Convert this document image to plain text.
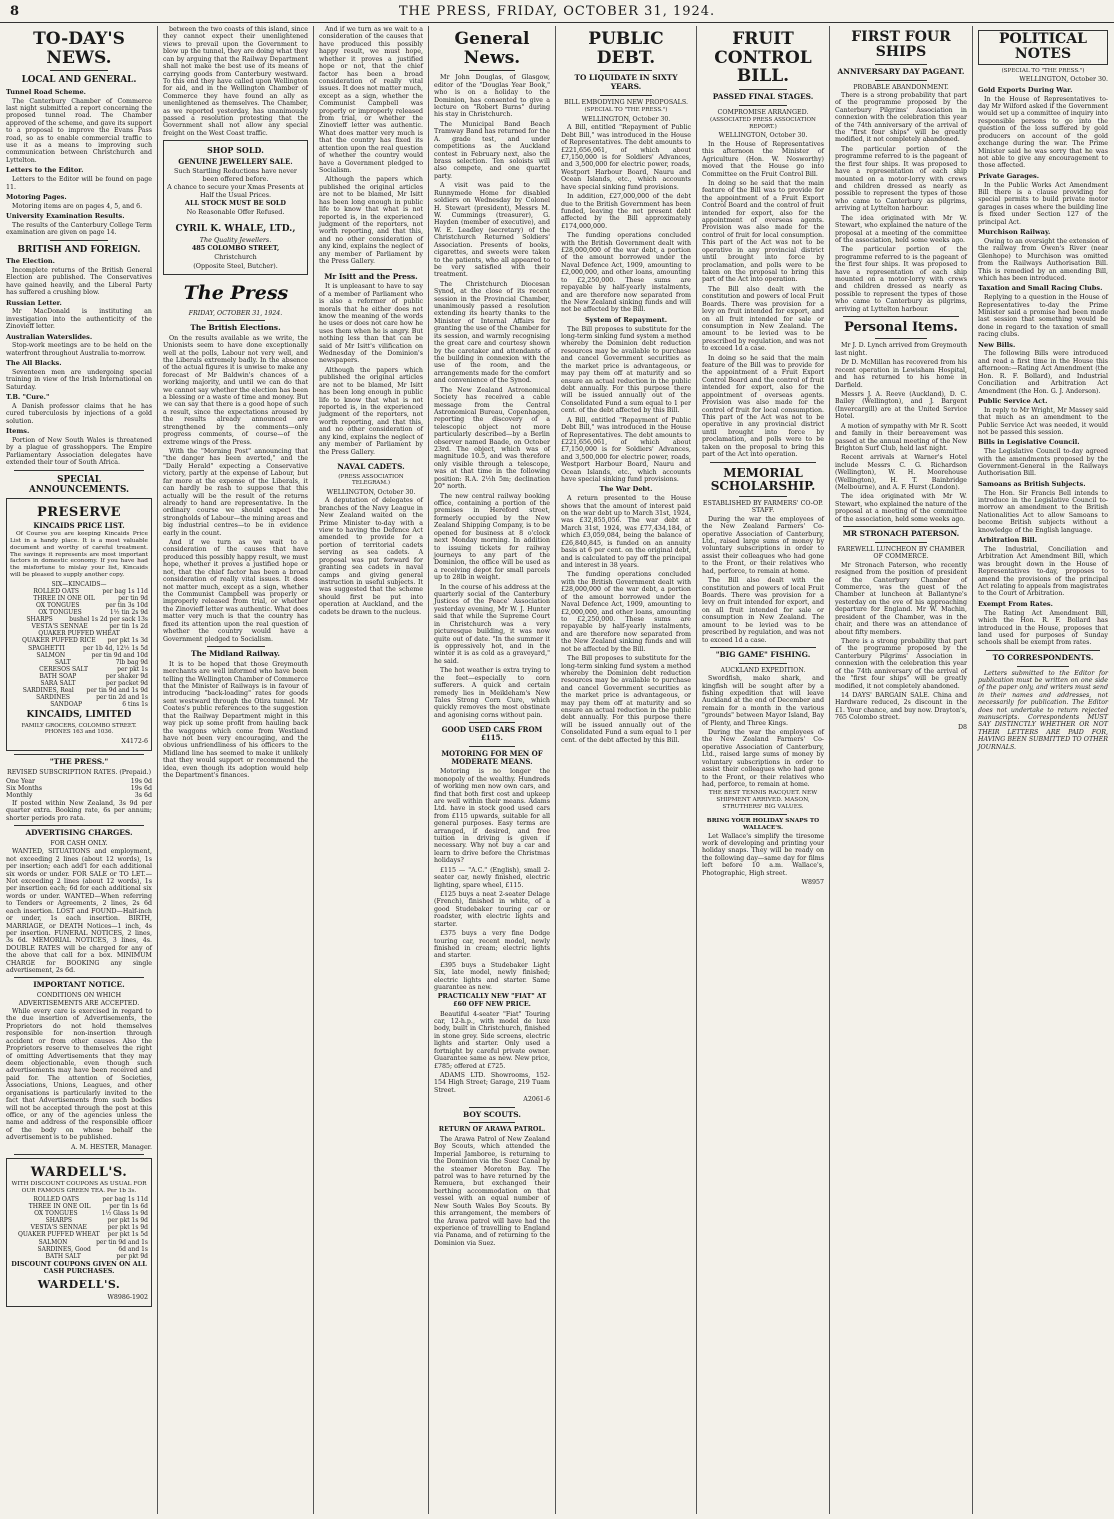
8	THE PRESS, FRIDAY, OCTOBER 31, 1924.
TO-DAY'S NEWS.
LOCAL AND GENERAL.
Tunnel Road Scheme.

The Canterbury Chamber of Commerce last night submitted a report concerning the proposed tunnel road. The Chamber approved of the scheme, and gave its support to a proposal to improve the Evans Pass road, so as to enable commercial traffic to use it as a means to improving such communication between Christchurch and Lyttelton.

Letters to the Editor.

Letters to the Editor will be found on page 11.

Motoring Pages.

Motoring items are on pages 4, 5, and 6.

University Examination Results.

The results of the Canterbury College Term examination are given on page 14.

BRITISH AND FOREIGN.
The Election.

Incomplete returns of the British General Election are published. The Conservatives have gained heavily, and the Liberal Party has suffered a crushing blow.

Russian Letter.

Mr MacDonald is instituting an investigation into the authenticity of the Zinovieff letter.

Australian Waterslides.

Stop-work meetings are to be held on the waterfront throughout Australia to-morrow.

The All Blacks.

Seventeen men are undergoing special training in view of the Irish International on Saturday.

T.B. "Cure."

A Danish professor claims that he has cured tuberculosis by injections of a gold solution.

Items.

Portion of New South Wales is threatened by a plague of grasshoppers. The Empire Parliamentary Association delegates have extended their tour of South Africa.

SPECIAL ANNOUNCEMENTS.
PRESERVE
KINCAIDS PRICE LIST.

Of Course you are keeping Kincaids Price List in a handy place. It is a most valuable document and worthy of careful treatment. The savings it represents are most important factors in domestic economy. If you have had the misfortune to mislay your list, Kincaids will be pleased to supply another copy.

SIX—KINCAIDS—
ROLLED OATS	per bag 1s 11d
THREE IN ONE OIL	per tin 9d
OX TONGUES	per tin 3s 10d
OX TONGUES	1½ tin 2s 9d
SHARPS	bushel 1s 2d per sack 13s
VESTA'S SENNAE	per tin 1s 2d
QUAKER PUFFED WHEAT
QUAKER PUFFED RICE	per pkt 1s 3d
SPAGHETTI	per 1b 4d, 12½ 1s 5d
SALMON	per tin 9d and 10d
SALT	7lb bag 9d
CERESOS SALT	per pkt 1s
BATH SOAP	per shaker 9d
SARA SALT	per packet 9d
SARDINES, Real	per tin 9d and 1s 9d
SARDINES	per tin 2d and 1s
SANDOAP	6 tins 1s
KINCAIDS, LIMITED
FAMILY GROCERS, COLOMBO STREET. PHONES 163 and 1036.
X4172-6
"THE PRESS."
REVISED SUBSCRIPTION RATES. (Prepaid.)
One Year	19s 0d
Six Months	19s 6d
Monthly	3s 6d

If posted within New Zealand, 3s 9d per quarter extra. Booking rate, 6s per annum; shorter periods pro rata.

ADVERTISING CHARGES.
FOR CASH ONLY.

WANTED, SITUATIONS and employment, not exceeding 2 lines (about 12 words), 1s per insertion; each add'l for each additional six words or under. FOR SALE or TO LET.—Not exceeding 2 lines (about 12 words), 1s per insertion each; 6d for each additional six words or under. WANTED—When referring to Tenders or Agreements, 2 lines, 2s 6d each insertion. LOST and FOUND—Half-inch or under, 1s each insertion. BIRTH, MARRIAGE, or DEATH Notices—1 inch, 4s per insertion. FUNERAL NOTICES, 2 lines, 3s 6d. MEMORIAL NOTICES, 3 lines, 4s. DOUBLE RATES will be charged for any of the above that call for a box. MINIMUM CHARGE for BOOKING any single advertisement, 2s 6d.

IMPORTANT NOTICE.
CONDITIONS ON WHICH ADVERTISEMENTS ARE ACCEPTED.

While every care is exercised in regard to the due insertion of Advertisements, the Proprietors do not hold themselves responsible for non-insertion through accident or from other causes. Also the Proprietors reserve to themselves the right of omitting Advertisements that they may deem objectionable, even though such advertisements may have been received and paid for. The attention of Societies, Associations, Unions, Leagues, and other organisations is particularly invited to the fact that Advertisements from such bodies will not be accepted through the post at this office, or any of the agencies unless the name and address of the responsible officer of the body on whose behalf the advertisement is to be published.

A. M. HESTER, Manager.
WARDELL'S.
WITH DISCOUNT COUPONS AS USUAL FOR OUR FAMOUS GREEN TEA. Per 1b 3s.
ROLLED OATS	per bag 1s 11d
THREE IN ONE OIL	per tin 1s 6d
OX TONGUES	1½ Glass 1s 9d
SHARPS	per pkt 1s 9d
VESTA'S SENNAE	per pkt 1s 9d
QUAKER PUFFED WHEAT	per pkt 1s 5d
SALMON	per tin 9d and 1s
SARDINES, Good	6d and 1s
BATH SALT	per pkt 9d
DISCOUNT COUPONS GIVEN ON ALL CASH PURCHASES.
WARDELL'S.
W8986-1902

between the two coasts of this island, since they cannot expect their unenlightened views to prevail upon the Government to blow up the tunnel, they are doing what they can by arguing that the Railway Department shall not make the best use of its means of carrying goods from Canterbury westward. To this end they have called upon Wellington for aid, and in the Wellington Chamber of Commerce they have found an ally as unenlightened as themselves. The Chamber, as we reported yesterday, has unanimously passed a resolution protesting that the Government shall not allow any special freight on the West Coast traffic.

SHOP SOLD.
GENUINE JEWELLERY SALE.
Such Startling Reductions have never been offered before.
A chance to secure your Xmas Presents at Half the Usual Prices.
ALL STOCK MUST BE SOLD
No Reasonable Offer Refused.
CYRIL K. WHALE, LTD.,
The Quality Jewellers.
485 COLOMBO STREET,
Christchurch
(Opposite Steel, Butcher).
The Press
FRIDAY, OCTOBER 31, 1924.
The British Elections.

On the results available as we write, the Unionists seem to have done exceptionally well at the polls, Labour not very well, and the Liberals extremely badly. In the absence of the actual figures it is unwise to make any forecast of Mr Baldwin's chances of a working majority, and until we can do that we cannot say whether the election has been a blessing or a waste of time and money. But we can say that there is a good hope of such a result, since the expectations aroused by the results already announced are strengthened by the comments—only progress comments, of course—of the extreme wings of the Press.

With the "Morning Post" announcing that "the danger has been averted," and the "Daily Herald" expecting a Conservative victory, partly at the expense of Labour, but far more at the expense of the Liberals, it can hardly be rash to suppose that this actually will be the result of the returns already to hand are representative. In the ordinary course we should expect the strongholds of Labour—the mining areas and big industrial centres—to be in evidence early in the count.

And if we turn as we wait to a consideration of the causes that have produced this possibly happy result, we must hope, whether it proves a justified hope or not, that the chief factor has been a broad consideration of really vital issues. It does not matter much, except as a sign, whether the Communist Campbell was properly or improperly released from trial, or whether the Zinovieff letter was authentic. What does matter very much is that the country has fixed its attention upon the real question of whether the country would have a Government pledged to Socialism.

The Midland Railway.

It is to be hoped that those Greymouth merchants are well informed who have been telling the Wellington Chamber of Commerce that the Minister of Railways is in favour of introducing "back-loading" rates for goods sent westward through the Otira tunnel. Mr Coates's public references to the suggestion that the Railway Department might in this way pick up some profit from hauling back the waggons which come from Westland have not been very encouraging, and the obvious unfriendliness of his officers to the Midland line has seemed to make it unlikely that they would support or recommend the idea, even though its adoption would help the Department's finances.

And if we turn as we wait to a consideration of the causes that have produced this possibly happy result, we must hope, whether it proves a justified hope or not, that the chief factor has been a broad consideration of really vital issues. It does not matter much, except as a sign, whether the Communist Campbell was properly or improperly released from trial, or whether the Zinovieff letter was authentic. What does matter very much is that the country has fixed its attention upon the real question of whether the country would have a Government pledged to Socialism.

Although the papers which published the original articles are not to be blamed, Mr Isitt has been long enough in public life to know that what is not reported is, in the experienced judgment of the reporters, not worth reporting, and that this, and no other consideration of any kind, explains the neglect of any member of Parliament by the Press Gallery.

Mr Isitt and the Press.

It is unpleasant to have to say of a member of Parliament who is also a reformer of public morals that he either does not know the meaning of the words he uses or does not care how he uses them when he is angry. But nothing less than that can be said of Mr Isitt's vilification on Wednesday of the Dominion's newspapers.

Although the papers which published the original articles are not to be blamed, Mr Isitt has been long enough in public life to know that what is not reported is, in the experienced judgment of the reporters, not worth reporting, and that this, and no other consideration of any kind, explains the neglect of any member of Parliament by the Press Gallery.

NAVAL CADETS.
(PRESS ASSOCIATION TELEGRAM.)
WELLINGTON, October 30.

A deputation of delegates of branches of the Navy League in New Zealand waited on the Prime Minister to-day with a view to having the Defence Act amended to provide for a portion of territorial cadets serving as sea cadets. A proposal was put forward for granting sea cadets in naval camps and giving general instruction in useful subjects. It was suggested that the scheme should first be put into operation at Auckland, and the cadets be drawn to the nucleus.

General News.

Mr John Douglas, of Glasgow, editor of the "Douglas Year Book," who is on a holiday to the Dominion, has consented to give a lecture on "Robert Burns" during his stay in Christchurch.

The Municipal Band Beach Tramway Band has returned for the A. grade test, and under competitions as the Auckland contest in February next, also the brass selection. Ten soloists will also compete, and one quartet party.

A visit was paid to the Runnymede Home for disabled soldiers on Wednesday by Colonel H. Stewart (president), Messrs M. W. Cummings (treasurer), G. Hayden (member of executive), and W. E. Leadley (secretary) of the Christchurch Returned Soldiers' Association. Presents of books, cigarettes, and sweets were taken to the patients, who all appeared to be very satisfied with their treatment.

The Christchurch Diocesan Synod, at the close of its recent session in the Provincial Chamber, unanimously passed a resolution extending its hearty thanks to the Minister of Internal Affairs for granting the use of the Chamber for its session, and warmly recognising the great care and courtesy shown by the caretaker and attendants of the building in connexion with the use of the room, and the arrangements made for the comfort and convenience of the Synod.

The New Zealand Astronomical Society has received a cable message from the Central Astronomical Bureau, Copenhagen, reporting the discovery of a telescopic object not more particularly described—by a Berlin observer named Baade, on October 23rd. The object, which was of magnitude 10.5, and was therefore only visible through a telescope, was at that time in the following position: R.A. 2½h 5m; declination 20° north.

The new central railway booking office, containing a portion of the premises in Hereford street, formerly occupied by the New Zealand Shipping Company, is to be opened for business at 8 o'clock next Monday morning. In addition to issuing tickets for railway journeys to any part of the Dominion, the office will be used as a receiving depot for small parcels up to 28lb in weight.

In the course of his address at the quarterly social of the Canterbury Justices of the Peace' Association yesterday evening, Mr W. J. Hunter said that while the Supreme Court in Christchurch was a very picturesque building, it was now quite out of date. "In the summer it is oppressively hot, and in the winter it is as cold as a graveyard," he said.

The hot weather is extra trying to the feet—especially to corn sufferers. A quick and certain remedy lies in Meikleham's New Tales Strong Corn Cure, which quickly removes the most obstinate and agonising corns without pain.

GOOD USED CARS FROM £115.
MOTORING FOR MEN OF MODERATE MEANS.

Motoring is no longer the monopoly of the wealthy. Hundreds of working men now own cars, and find that both first cost and upkeep are well within their means. Adams Ltd. have in stock good used cars from £115 upwards, suitable for all general purposes. Easy terms are arranged, if desired, and free tuition in driving is given if necessary. Why not buy a car and learn to drive before the Christmas holidays?

£115 — "A.C." (English), small 2-seater car, newly finished, electric lighting, spare wheel, £115.

£125 buys a neat 2-seater Delage (French), finished in white, of a good Studebaker touring car or roadster, with electric lights and starter.

£375 buys a very fine Dodge touring car, recent model, newly finished in cream; electric lights and starter.

£395 buys a Studebaker Light Six, late model, newly finished; electric lights and starter. Same guarantee as new.

PRACTICALLY NEW "FIAT" AT £60 OFF NEW PRICE.

Beautiful 4-seater "Fiat" Touring car, 12-h.p., with model de luxe body, built in Christchurch, finished in stone grey. Side screens, electric lights and starter. Only used a fortnight by careful private owner. Guarantee same as new. New price, £785; offered at £725.

ADAMS LTD. Showrooms, 152-154 High Street; Garage, 219 Tuam Street.

A2061-6
BOY SCOUTS.
RETURN OF ARAWA PATROL.

The Arawa Patrol of New Zealand Boy Scouts, which attended the Imperial Jamboree, is returning to the Dominion via the Suez Canal by the steamer Moreton Bay. The patrol was to have returned by the Remuera, but exchanged their berthing accommodation on that vessel with an equal number of New South Wales Boy Scouts. By this arrangement, the members of the Arawa patrol will have had the experience of travelling to England via Panama, and of returning to the Dominion via Suez.

PUBLIC DEBT.
TO LIQUIDATE IN SIXTY YEARS.
BILL EMBODYING NEW PROPOSALS.
(SPECIAL TO "THE PRESS.")
WELLINGTON, October 30.

A Bill, entitled "Repayment of Public Debt Bill," was introduced in the House of Representatives. The debt amounts to £221,656,061, of which about £7,150,000 is for Soldiers' Advances, and 3,500,000 for electric power, roads, Westport Harbour Board, Nauru and Ocean Islands, etc., which accounts have special sinking fund provisions.

In addition, £27,000,000 of the debt due to the British Government has been funded, leaving the net present debt affected by the Bill approximately £174,000,000.

The funding operations concluded with the British Government dealt with £28,000,000 of the war debt, a portion of the amount borrowed under the Naval Defence Act, 1909, amounting to £2,000,000, and other loans, amounting to £2,250,000. These sums are repayable by half-yearly instalments, and are therefore now separated from the New Zealand sinking funds and will not be affected by the Bill.

System of Repayment.

The Bill proposes to substitute for the long-term sinking fund system a method whereby the Dominion debt reduction resources may be available to purchase and cancel Government securities as the market price is advantageous, or may pay them off at maturity and so ensure an actual reduction in the public debt annually. For this purpose there will be issued annually out of the Consolidated Fund a sum equal to 1 per cent. of the debt affected by this Bill.

A Bill, entitled "Repayment of Public Debt Bill," was introduced in the House of Representatives. The debt amounts to £221,656,061, of which about £7,150,000 is for Soldiers' Advances, and 3,500,000 for electric power, roads, Westport Harbour Board, Nauru and Ocean Islands, etc., which accounts have special sinking fund provisions.

The War Debt.

A return presented to the House shows that the amount of interest paid on the war debt up to March 31st, 1924, was £32,855,056. The war debt at March 31st, 1924, was £77,434,184, of which £3,059,084, being the balance of £26,840,845, is funded on an annuity basis at 6 per cent. on the original debt, and is calculated to pay off the principal and interest in 38 years.

The funding operations concluded with the British Government dealt with £28,000,000 of the war debt, a portion of the amount borrowed under the Naval Defence Act, 1909, amounting to £2,000,000, and other loans, amounting to £2,250,000. These sums are repayable by half-yearly instalments, and are therefore now separated from the New Zealand sinking funds and will not be affected by the Bill.

The Bill proposes to substitute for the long-term sinking fund system a method whereby the Dominion debt reduction resources may be available to purchase and cancel Government securities as the market price is advantageous, or may pay them off at maturity and so ensure an actual reduction in the public debt annually. For this purpose there will be issued annually out of the Consolidated Fund a sum equal to 1 per cent. of the debt affected by this Bill.

FRUIT CONTROL BILL.
PASSED FINAL STAGES.
COMPROMISE ARRANGED.
(ASSOCIATED PRESS ASSOCIATION REPORT.)
WELLINGTON, October 30.

In the House of Representatives this afternoon the Minister of Agriculture (Hon. W. Nosworthy) moved that the House go into Committee on the Fruit Control Bill.

In doing so he said that the main feature of the Bill was to provide for the appointment of a Fruit Export Control Board and the control of fruit intended for export, also for the appointment of overseas agents. Provision was also made for the control of fruit for local consumption. This part of the Act was not to be operative in any provincial district until brought into force by proclamation, and polls were to be taken on the proposal to bring this part of the Act into operation.

The Bill also dealt with the constitution and powers of local Fruit Boards. There was provision for a levy on fruit intended for export, and on all fruit intended for sale or consumption in New Zealand. The amount to be levied was to be prescribed by regulation, and was not to exceed 1d a case.

In doing so he said that the main feature of the Bill was to provide for the appointment of a Fruit Export Control Board and the control of fruit intended for export, also for the appointment of overseas agents. Provision was also made for the control of fruit for local consumption. This part of the Act was not to be operative in any provincial district until brought into force by proclamation, and polls were to be taken on the proposal to bring this part of the Act into operation.

MEMORIAL SCHOLARSHIP.
ESTABLISHED BY FARMERS' CO-OP. STAFF.

During the war the employees of the New Zealand Farmers' Co-operative Association of Canterbury, Ltd., raised large sums of money by voluntary subscriptions in order to assist their colleagues who had gone to the Front, or their relatives who had, perforce, to remain at home.

The Bill also dealt with the constitution and powers of local Fruit Boards. There was provision for a levy on fruit intended for export, and on all fruit intended for sale or consumption in New Zealand. The amount to be levied was to be prescribed by regulation, and was not to exceed 1d a case.

"BIG GAME" FISHING.
AUCKLAND EXPEDITION.

Swordfish, mako shark, and kingfish will be sought after by a fishing expedition that will leave Auckland at the end of December and remain for a month in the various "grounds" between Mayor Island, Bay of Plenty, and Three Kings.

During the war the employees of the New Zealand Farmers' Co-operative Association of Canterbury, Ltd., raised large sums of money by voluntary subscriptions in order to assist their colleagues who had gone to the Front, or their relatives who had, perforce, to remain at home.

THE BEST TENNIS RACQUET. NEW SHIPMENT ARRIVED. MASON, STRUTHERS' BIG VALUES.
BRING YOUR HOLIDAY SNAPS TO WALLACE'S.

Let Wallace's simplify the tiresome work of developing and printing your holiday snaps. They will be ready on the following day—same day for films left before 10 a.m. Wallace's, Photographic, High street.

W8957
FIRST FOUR SHIPS
ANNIVERSARY DAY PAGEANT.
PROBABLE ABANDONMENT.

There is a strong probability that part of the programme proposed by the Canterbury Pilgrims' Association in connexion with the celebration this year of the 74th anniversary of the arrival of the "first four ships" will be greatly modified, it not completely abandoned.

The particular portion of the programme referred to is the pageant of the first four ships. It was proposed to have a representation of each ship mounted on a motor-lorry with crews and children dressed as nearly as possible to represent the types of those who came to Canterbury as pilgrims, arriving at Lyttelton harbour.

The idea originated with Mr W. Stewart, who explained the nature of the proposal at a meeting of the committee of the association, held some weeks ago.

The particular portion of the programme referred to is the pageant of the first four ships. It was proposed to have a representation of each ship mounted on a motor-lorry with crews and children dressed as nearly as possible to represent the types of those who came to Canterbury as pilgrims, arriving at Lyttelton harbour.

Personal Items.

Mr J. D. Lynch arrived from Greymouth last night.

Dr D. McMillan has recovered from his recent operation in Lewisham Hospital, and has returned to his home in Darfield.

Messrs J. A. Reeve (Auckland), D. C. Bailey (Wellington), and J. Bargent (Invercargill) are at the United Service Hotel.

A motion of sympathy with Mr R. Scott and family in their bereavement was passed at the annual meeting of the New Brighton Surf Club, held last night.

Recent arrivals at Warner's Hotel include Messrs C. G. Richardson (Wellington), W. H. Moorehouse (Wellington), H. T. Bainbridge (Melbourne), and A. F. Hurst (London).

The idea originated with Mr W. Stewart, who explained the nature of the proposal at a meeting of the committee of the association, held some weeks ago.

MR STRONACH PATERSON.
FAREWELL LUNCHEON BY CHAMBER OF COMMERCE.

Mr Stronach Paterson, who recently resigned from the position of president of the Canterbury Chamber of Commerce, was the guest of the Chamber at luncheon at Ballantyne's yesterday on the eve of his approaching departure for England. Mr W. Machin, president of the Chamber, was in the chair, and there was an attendance of about fifty members.

There is a strong probability that part of the programme proposed by the Canterbury Pilgrims' Association in connexion with the celebration this year of the 74th anniversary of the arrival of the "first four ships" will be greatly modified, it not completely abandoned.

14 DAYS' BARGAIN SALE. China and Hardware reduced, 2s discount in the £1. Your chance, and buy now. Drayton's, 765 Colombo street.

D8
POLITICAL NOTES
(SPECIAL TO "THE PRESS.")
WELLINGTON, October 30.
Gold Exports During War.

In the House of Representatives to-day Mr Wilford asked if the Government would set up a committee of inquiry into responsible persons to go into the question of the loss suffered by gold producers on account of the gold exchange during the war. The Prime Minister said he was sorry that he was not able to give any encouragement to those affected.

Private Garages.

In the Public Works Act Amendment Bill there is a clause providing for special permits to build private motor garages in cases where the building line is fixed under Section 127 of the principal Act.

Murchison Railway.

Owing to an oversight the extension of the railway from Owen's River (near Glenhope) to Murchison was omitted from the Railways Authorisation Bill. This is remedied by an amending Bill, which has been introduced.

Taxation and Small Racing Clubs.

Replying to a question in the House of Representatives to-day the Prime Minister said a promise had been made last session that something would be done in regard to the taxation of small racing clubs.

New Bills.

The following Bills were introduced and read a first time in the House this afternoon:—Rating Act Amendment (the Hon. R. F. Bollard), and Industrial Conciliation and Arbitration Act Amendment (the Hon. G. J. Anderson).

Public Service Act.

In reply to Mr Wright, Mr Massey said that much as an amendment to the Public Service Act was needed, it would not be passed this session.

Bills in Legislative Council.

The Legislative Council to-day agreed with the amendments proposed by the Government-General in the Railways Authorisation Bill.

Samoans as British Subjects.

The Hon. Sir Francis Bell intends to introduce in the Legislative Council to-morrow an amendment to the British Nationalities Act to allow Samoans to become British subjects without a knowledge of the English language.

Arbitration Bill.

The Industrial, Conciliation and Arbitration Act Amendment Bill, which was brought down in the House of Representatives to-day, proposes to amend the provisions of the principal Act relating to appeals from magistrates to the Court of Arbitration.

Exempt From Rates.

The Rating Act Amendment Bill, which the Hon. R. F. Bollard has introduced in the House, proposes that land used for purposes of Sunday schools shall be exempt from rates.

TO CORRESPONDENTS.

Letters submitted to the Editor for publication must be written on one side of the paper only, and writers must send in their names and addresses, not necessarily for publication. The Editor does not undertake to return rejected manuscripts. Correspondents MUST SAY DISTINCTLY WHETHER OR NOT THEIR LETTERS ARE PAID FOR, HAVING BEEN SUBMITTED TO OTHER JOURNALS.
